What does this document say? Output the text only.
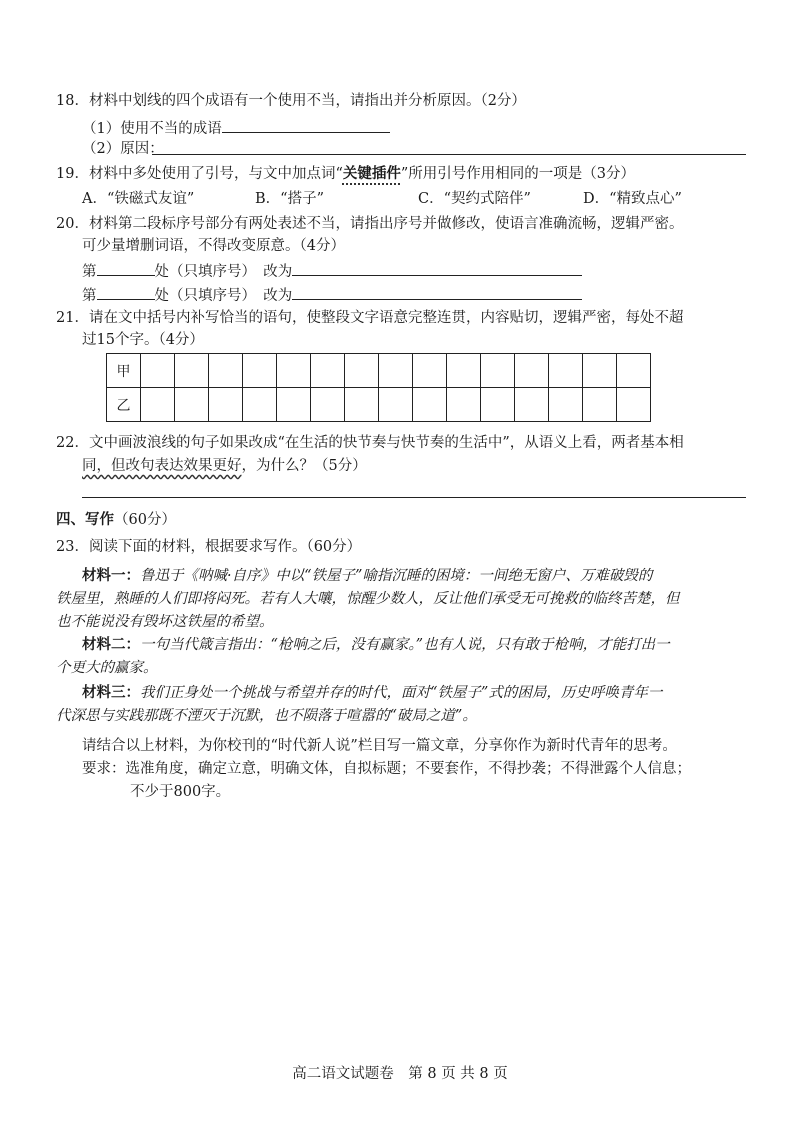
18．材料中划线的四个成语有一个使用不当，请指出并分析原因。（2分）
（1）使用不当的成语
（2）原因：
19．材料中多处使用了引号，与文中加点词“关键插件”所用引号作用相同的一项是（3分）
A．“铁磁式友谊”	B．“搭子”	C．“契约式陪伴”	D．“精致点心”
20．材料第二段标序号部分有两处表述不当，请指出序号并做修改，使语言准确流畅，逻辑严密。
可少量增删词语，不得改变原意。（4分）
第	处（只填序号）　改为
第	处（只填序号）　改为
21．请在文中括号内补写恰当的语句，使整段文字语意完整连贯，内容贴切，逻辑严密，每处不超
过15个字。（4分）
甲															
乙															
22．文中画波浪线的句子如果改成“在生活的快节奏与快节奏的生活中”，从语义上看，两者基本相
同，但改句表达效果更好，为什么？（5分）
四、写作（60分）
23．阅读下面的材料，根据要求写作。（60分）
材料一：鲁迅于《呐喊·自序》中以“铁屋子”喻指沉睡的困境：一间绝无窗户、万难破毁的
铁屋里，熟睡的人们即将闷死。若有人大嚷，惊醒少数人，反让他们承受无可挽救的临终苦楚，但
也不能说没有毁坏这铁屋的希望。
材料二：一句当代箴言指出：“枪响之后，没有赢家。”也有人说，只有敢于枪响，才能打出一
个更大的赢家。
材料三：我们正身处一个挑战与希望并存的时代，面对“铁屋子”式的困局，历史呼唤青年一
代深思与实践那既不湮灭于沉默，也不陨落于喧嚣的“破局之道”。
请结合以上材料，为你校刊的“时代新人说”栏目写一篇文章，分享你作为新时代青年的思考。
要求：选准角度，确定立意，明确文体，自拟标题；不要套作，不得抄袭；不得泄露个人信息；
不少于800字。
高二语文试题卷　第 8 页 共 8 页
